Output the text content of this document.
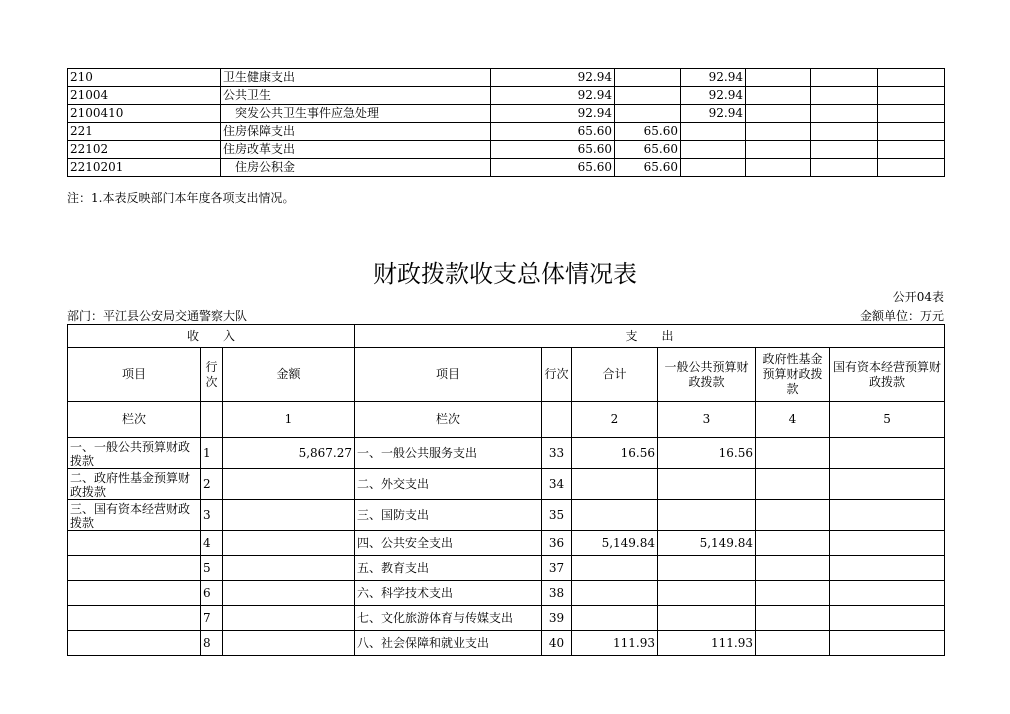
210	卫生健康支出	92.94		92.94			
21004	公共卫生	92.94		92.94			
2100410	突发公共卫生事件应急处理	92.94		92.94			
221	住房保障支出	65.60	65.60				
22102	住房改革支出	65.60	65.60				
2210201	住房公积金	65.60	65.60				
注：1.本表反映部门本年度各项支出情况。
财政拨款收支总体情况表
公开04表
部门：平江县公安局交通警察大队	金额单位：万元
收　　入			支　　出					
项目	行次	金额	项目	行次	合计	一般公共预算财政拨款	政府性基金预算财政拨款	国有资本经营预算财政拨款
栏次		1	栏次		2	3	4	5
一、一般公共预算财政拨款	1	5,867.27	一、一般公共服务支出	33	16.56	16.56		
二、政府性基金预算财政拨款	2		二、外交支出	34				
三、国有资本经营财政拨款	3		三、国防支出	35				
	4		四、公共安全支出	36	5,149.84	5,149.84		
	5		五、教育支出	37				
	6		六、科学技术支出	38				
	7		七、文化旅游体育与传媒支出	39				
	8		八、社会保障和就业支出	40	111.93	111.93		
